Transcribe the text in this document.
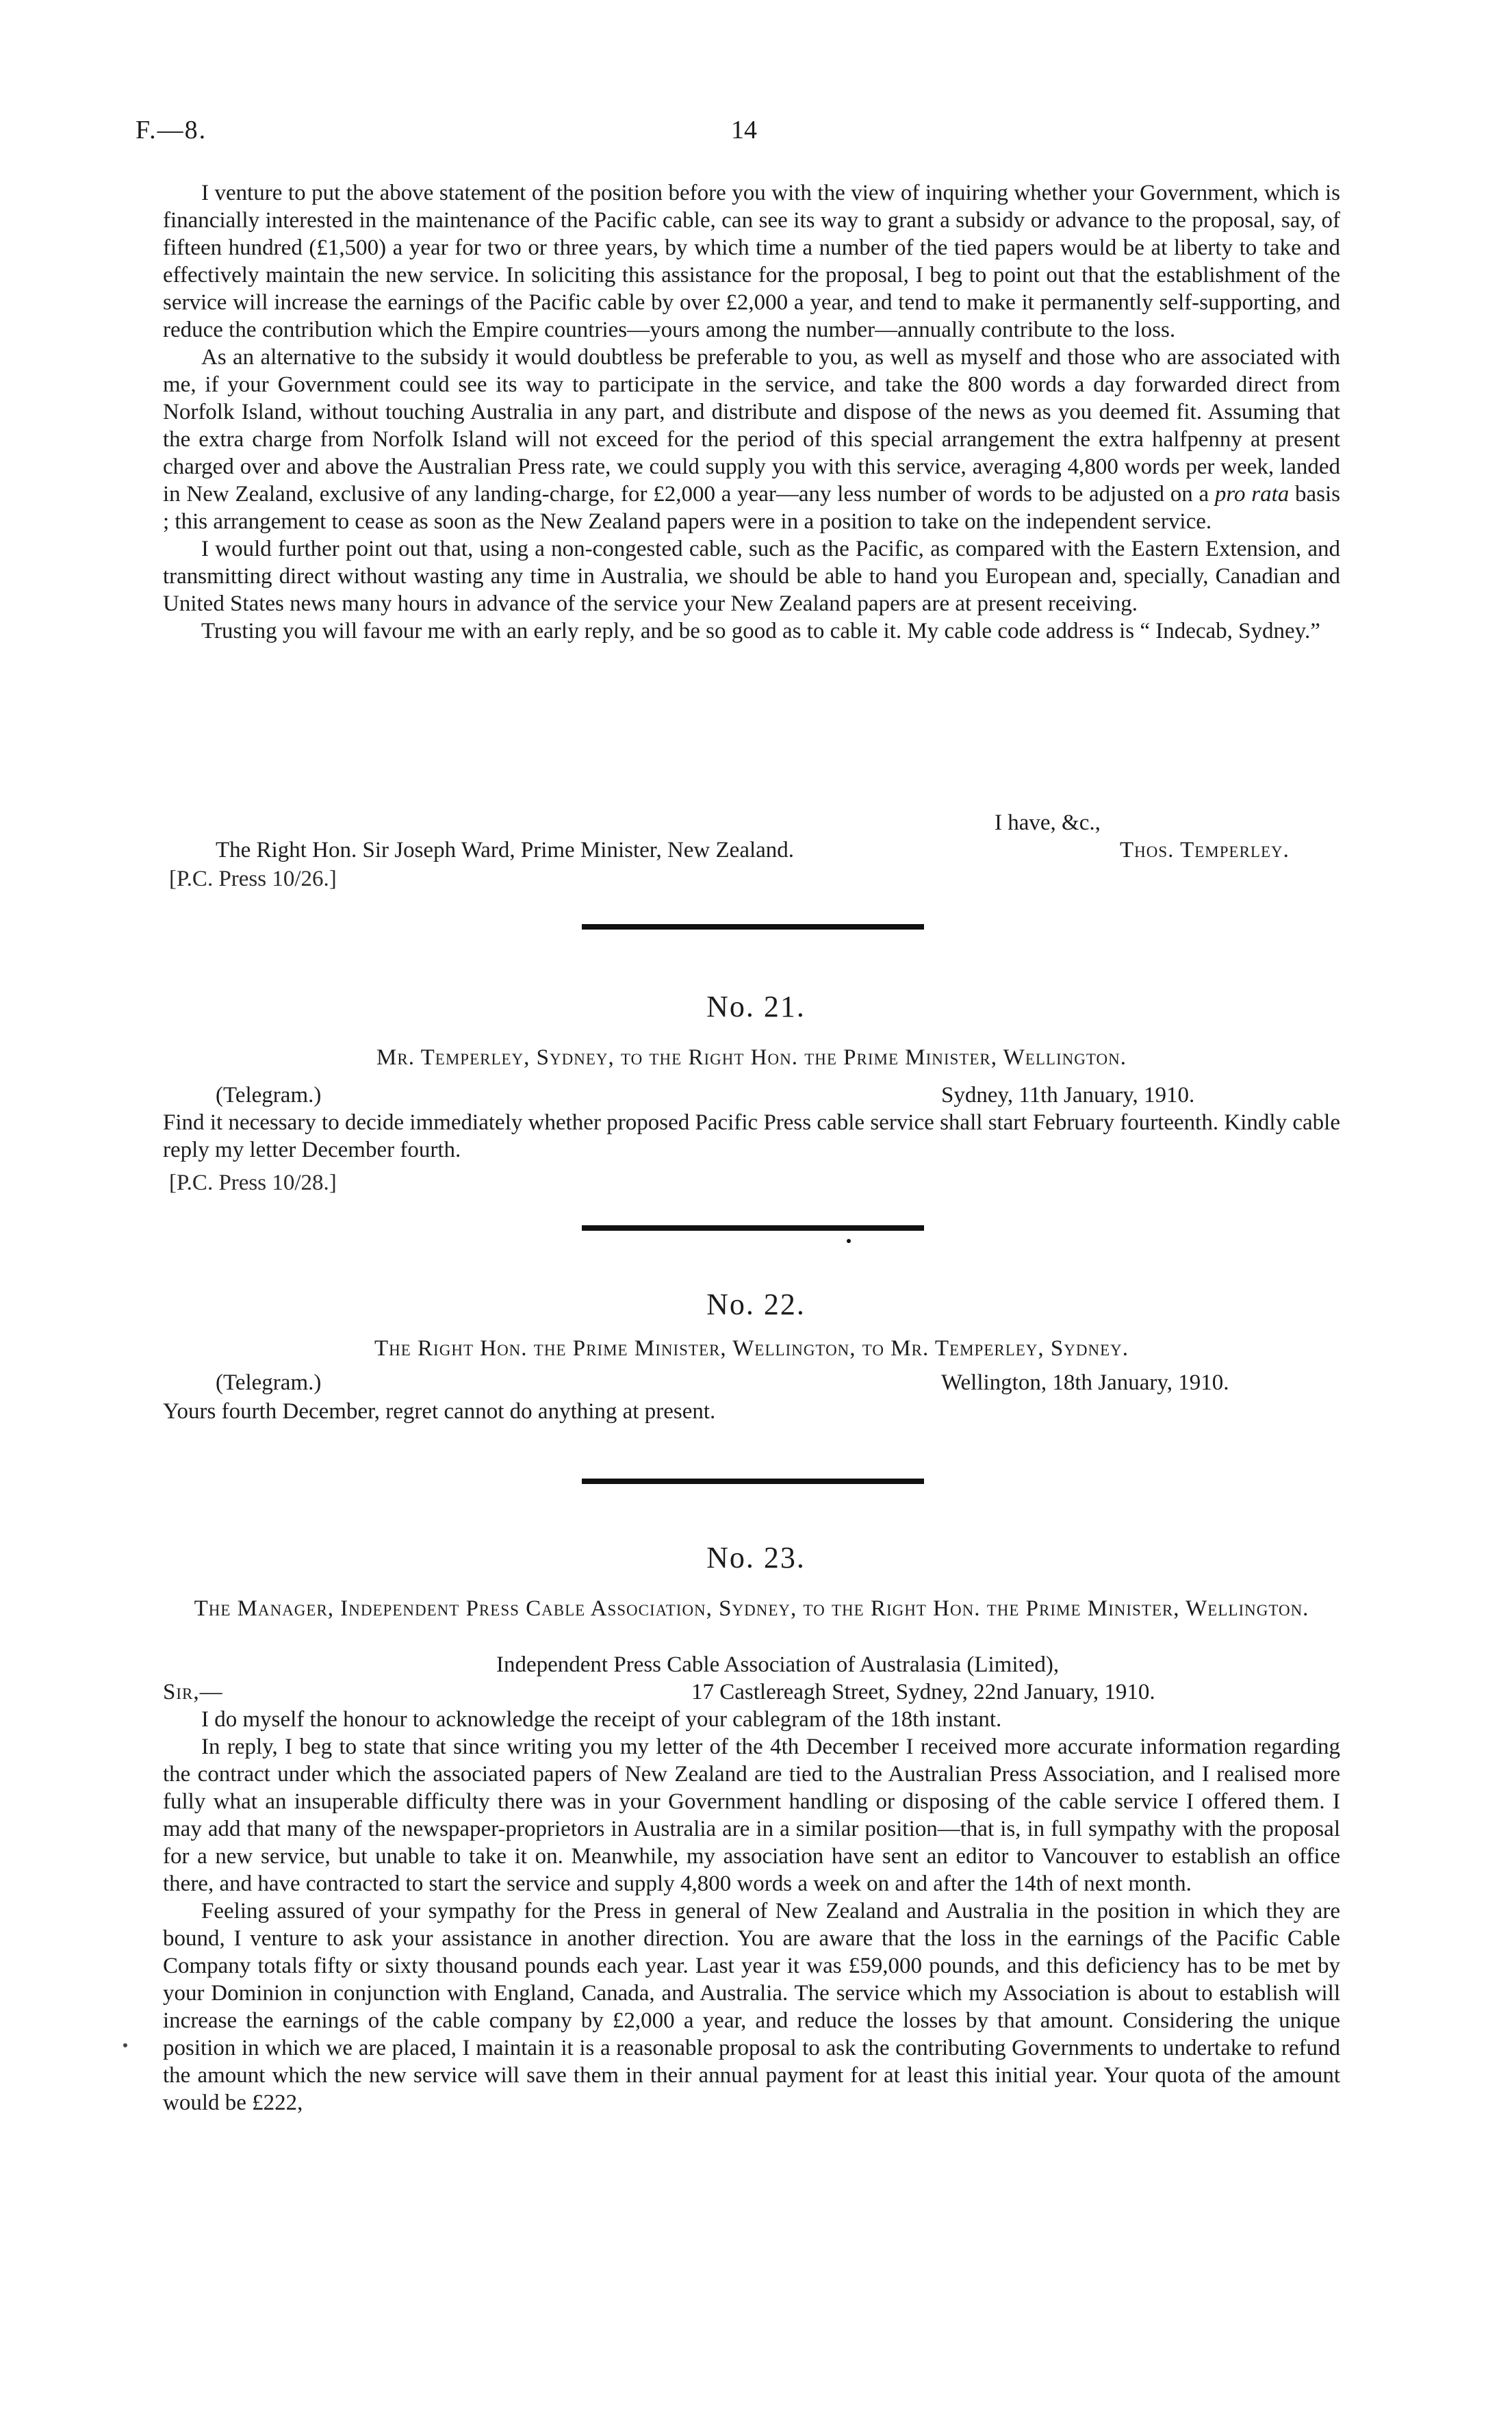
F.—8.	14

I venture to put the above statement of the position before you with the view of inquiring whether your Government, which is financially interested in the maintenance of the Pacific cable, can see its way to grant a subsidy or advance to the proposal, say, of fifteen hundred (£1,500) a year for two or three years, by which time a number of the tied papers would be at liberty to take and effectively maintain the new service. In soliciting this assistance for the proposal, I beg to point out that the establishment of the service will increase the earnings of the Pacific cable by over £2,000 a year, and tend to make it permanently self-supporting, and reduce the contribution which the Empire countries—yours among the number—annually contribute to the loss.

As an alternative to the subsidy it would doubtless be preferable to you, as well as myself and those who are associated with me, if your Government could see its way to participate in the service, and take the 800 words a day forwarded direct from Norfolk Island, without touching Australia in any part, and distribute and dispose of the news as you deemed fit. Assuming that the extra charge from Norfolk Island will not exceed for the period of this special arrangement the extra halfpenny at present charged over and above the Australian Press rate, we could supply you with this service, averaging 4,800 words per week, landed in New Zealand, exclusive of any landing-charge, for £2,000 a year—any less number of words to be adjusted on a pro rata basis ; this arrangement to cease as soon as the New Zealand papers were in a position to take on the independent service.

I would further point out that, using a non-congested cable, such as the Pacific, as compared with the Eastern Extension, and transmitting direct without wasting any time in Australia, we should be able to hand you European and, specially, Canadian and United States news many hours in advance of the service your New Zealand papers are at present receiving.

Trusting you will favour me with an early reply, and be so good as to cable it. My cable code address is “ Indecab, Sydney.”

I have, &c.,
The Right Hon. Sir Joseph Ward, Prime Minister, New Zealand.	Thos. Temperley.
[P.C. Press 10/26.]
No. 21.
Mr. Temperley, Sydney, to the Right Hon. the Prime Minister, Wellington.
(Telegram.)	Sydney, 11th January, 1910.

Find it necessary to decide immediately whether proposed Pacific Press cable service shall start February fourteenth. Kindly cable reply my letter December fourth.

[P.C. Press 10/28.]
No. 22.
The Right Hon. the Prime Minister, Wellington, to Mr. Temperley, Sydney.
(Telegram.)	Wellington, 18th January, 1910.

Yours fourth December, regret cannot do anything at present.

No. 23.
The Manager, Independent Press Cable Association, Sydney, to the Right Hon. the Prime Minister, Wellington.
Independent Press Cable Association of Australasia (Limited),
Sir,—	17 Castlereagh Street, Sydney, 22nd January, 1910.

I do myself the honour to acknowledge the receipt of your cablegram of the 18th instant.

In reply, I beg to state that since writing you my letter of the 4th December I received more accurate information regarding the contract under which the associated papers of New Zealand are tied to the Australian Press Association, and I realised more fully what an insuperable difficulty there was in your Government handling or disposing of the cable service I offered them. I may add that many of the newspaper-proprietors in Australia are in a similar position—that is, in full sympathy with the proposal for a new service, but unable to take it on. Meanwhile, my association have sent an editor to Vancouver to establish an office there, and have contracted to start the service and supply 4,800 words a week on and after the 14th of next month.

Feeling assured of your sympathy for the Press in general of New Zealand and Australia in the position in which they are bound, I venture to ask your assistance in another direction. You are aware that the loss in the earnings of the Pacific Cable Company totals fifty or sixty thousand pounds each year. Last year it was £59,000 pounds, and this deficiency has to be met by your Dominion in conjunction with England, Canada, and Australia. The service which my Association is about to establish will increase the earnings of the cable company by £2,000 a year, and reduce the losses by that amount. Considering the unique position in which we are placed, I maintain it is a reasonable proposal to ask the contributing Governments to undertake to refund the amount which the new service will save them in their annual payment for at least this initial year. Your quota of the amount would be £222,
